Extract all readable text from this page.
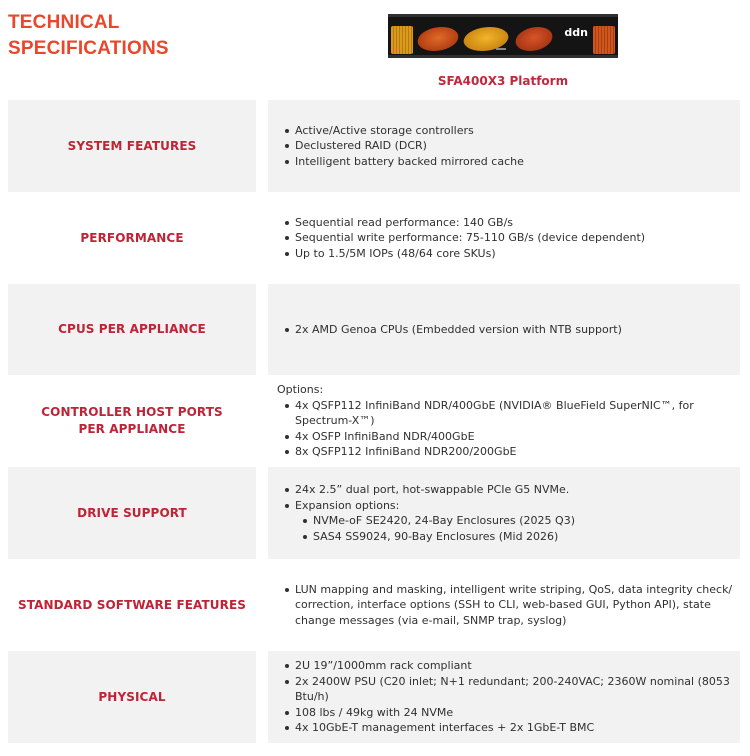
TECHNICAL
SPECIFICATIONS
ddn
SFA400X3 Platform
SYSTEM FEATURES
Active/Active storage controllers
Declustered RAID (DCR)
Intelligent battery backed mirrored cache
PERFORMANCE
Sequential read performance: 140 GB/s
Sequential write performance: 75-110 GB/s (device dependent)
Up to 1.5/5M IOPs (48/64 core SKUs)
CPUS PER APPLIANCE	2x AMD Genoa CPUs (Embedded version with NTB support)
CONTROLLER HOST PORTS
PER APPLIANCE
Options:
4x QSFP112 InfiniBand NDR/400GbE (NVIDIA® BlueField SuperNIC™, for Spectrum-X™)
4x OSFP InfiniBand NDR/400GbE
8x QSFP112 InfiniBand NDR200/200GbE
DRIVE SUPPORT
24x 2.5” dual port, hot-swappable PCIe G5 NVMe.
Expansion options:
NVMe-oF SE2420, 24-Bay Enclosures (2025 Q3)
SAS4 SS9024, 90-Bay Enclosures (Mid 2026)
STANDARD SOFTWARE FEATURES
LUN mapping and masking, intelligent write striping, QoS, data integrity check/ correction, interface options (SSH to CLI, web-based GUI, Python API), state change messages (via e-mail, SNMP trap, syslog)
PHYSICAL
2U 19”/1000mm rack compliant
2x 2400W PSU (C20 inlet; N+1 redundant; 200-240VAC; 2360W nominal (8053 Btu/h)
108 lbs / 49kg with 24 NVMe
4x 10GbE-T management interfaces + 2x 1GbE-T BMC
